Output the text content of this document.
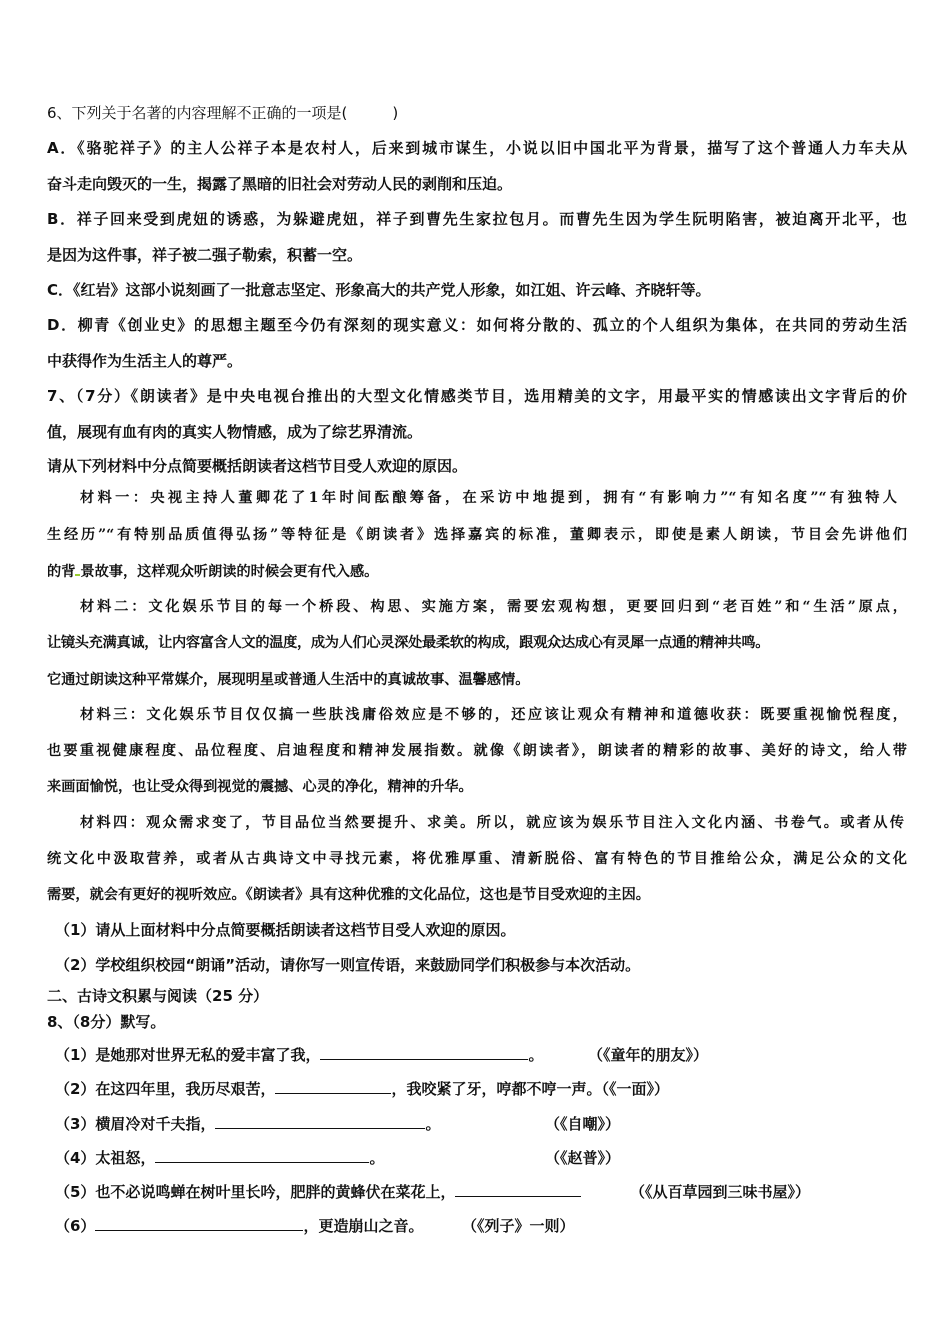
6、下列关于名著的内容理解不正确的一项是(　　　)
A．《骆驼祥子》的主人公祥子本是农村人，后来到城市谋生，小说以旧中国北平为背景，描写了这个普通人力车夫从
奋斗走向毁灭的一生，揭露了黑暗的旧社会对劳动人民的剥削和压迫。
B．祥子回来受到虎妞的诱惑，为躲避虎妞，祥子到曹先生家拉包月。而曹先生因为学生阮明陷害，被迫离开北平，也
是因为这件事，祥子被二强子勒索，积蓄一空。
C．《红岩》这部小说刻画了一批意志坚定、形象高大的共产党人形象，如江姐、许云峰、齐晓轩等。
D．柳青《创业史》的思想主题至今仍有深刻的现实意义：如何将分散的、孤立的个人组织为集体，在共同的劳动生活
中获得作为生活主人的尊严。
7、（7分）《朗读者》是中央电视台推出的大型文化情感类节目，选用精美的文字，用最平实的情感读出文字背后的价
值，展现有血有肉的真实人物情感，成为了综艺界清流。
请从下列材料中分点简要概括朗读者这档节目受人欢迎的原因。
材料一：央视主持人董卿花了1年时间酝酿筹备，在采访中地提到，拥有“有影响力”“有知名度”“有独特人
生经历”“有特别品质值得弘扬”等特征是《朗读者》选择嘉宾的标准，董卿表示，即使是素人朗读，节目会先讲他们
的背 景故事，这样观众听朗读的时候会更有代入感。
材料二：文化娱乐节目的每一个桥段、构思、实施方案，需要宏观构想，更要回归到“老百姓”和“生活”原点，
让镜头充满真诚，让内容富含人文的温度，成为人们心灵深处最柔软的构成，跟观众达成心有灵犀一点通的精神共鸣。
它通过朗读这种平常媒介，展现明星或普通人生活中的真诚故事、温馨感情。
材料三：文化娱乐节目仅仅搞一些肤浅庸俗效应是不够的，还应该让观众有精神和道德收获：既要重视愉悦程度，
也要重视健康程度、品位程度、启迪程度和精神发展指数。就像《朗读者》，朗读者的精彩的故事、美好的诗文，给人带
来画面愉悦，也让受众得到视觉的震撼、心灵的净化，精神的升华。
材料四：观众需求变了，节目品位当然要提升、求美。所以，就应该为娱乐节目注入文化内涵、书卷气。或者从传
统文化中汲取营养，或者从古典诗文中寻找元素，将优雅厚重、清新脱俗、富有特色的节目推给公众，满足公众的文化
需要，就会有更好的视听效应。《朗读者》具有这种优雅的文化品位，这也是节目受欢迎的主因。
（1）请从上面材料中分点简要概括朗读者这档节目受人欢迎的原因。
（2）学校组织校园“朗诵”活动，请你写一则宣传语，来鼓励同学们积极参与本次活动。
二、古诗文积累与阅读（25 分）
8、（8分）默写。
（1）是她那对世界无私的爱丰富了我，	。	（《童年的朋友》）
（2）在这四年里，我历尽艰苦，	，我咬紧了牙，哼都不哼一声。（《一面》）
（3）横眉冷对千夫指，	。	（《自嘲》）
（4）太祖怒，	。	（《赵普》）
（5）也不必说鸣蝉在树叶里长吟，肥胖的黄蜂伏在菜花上，	（《从百草园到三味书屋》）
（6）	，更造崩山之音。	（《列子》一则）
